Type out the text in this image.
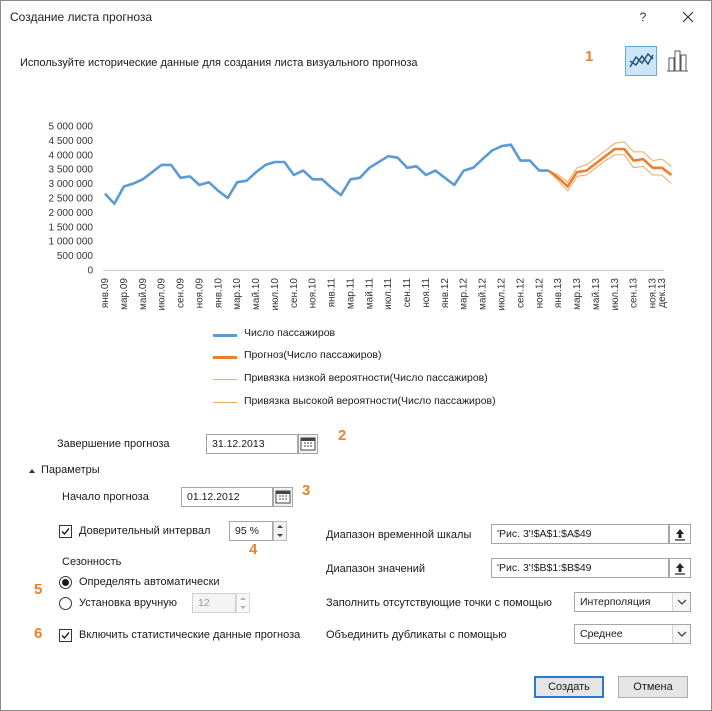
Создание листа прогноза	?
Используйте исторические данные для создания листа визуального прогноза	1
2
3
4
5
6
5 000 000
4 500 000
4 000 000
3 500 000
3 000 000
2 500 000
2 000 000
1 500 000
1 000 000
500 000
0
янв.09 мар.09 май.09 июл.09 сен.09 ноя.09 янв.10 мар.10 май.10 июл.10 сен.10 ноя.10 янв.11 мар.11 май.11 июл.11 сен.11 ноя.11 янв.12 мар.12 май.12 июл.12 сен.12 ноя.12 янв.13 мар.13 май.13 июл.13 сен.13 ноя.13
дек.13
Число пассажиров
Прогноз(Число пассажиров)
Привязка низкой вероятности(Число пассажиров)
Привязка высокой вероятности(Число пассажиров)
Завершение прогноза	31.12.2013
Параметры
Начало прогноза	01.12.2012
Доверительный интервал	95 %
Сезонность
Определять автоматически
Установка вручную	12
Включить статистические данные прогноза
Диапазон временной шкалы	'Рис. 3'!$A$1:$A$49
Диапазон значений	'Рис. 3'!$B$1:$B$49
Заполнить отсутствующие точки с помощью	Интерполяция
Объединить дубликаты с помощью	Среднее
Создать	Отмена
